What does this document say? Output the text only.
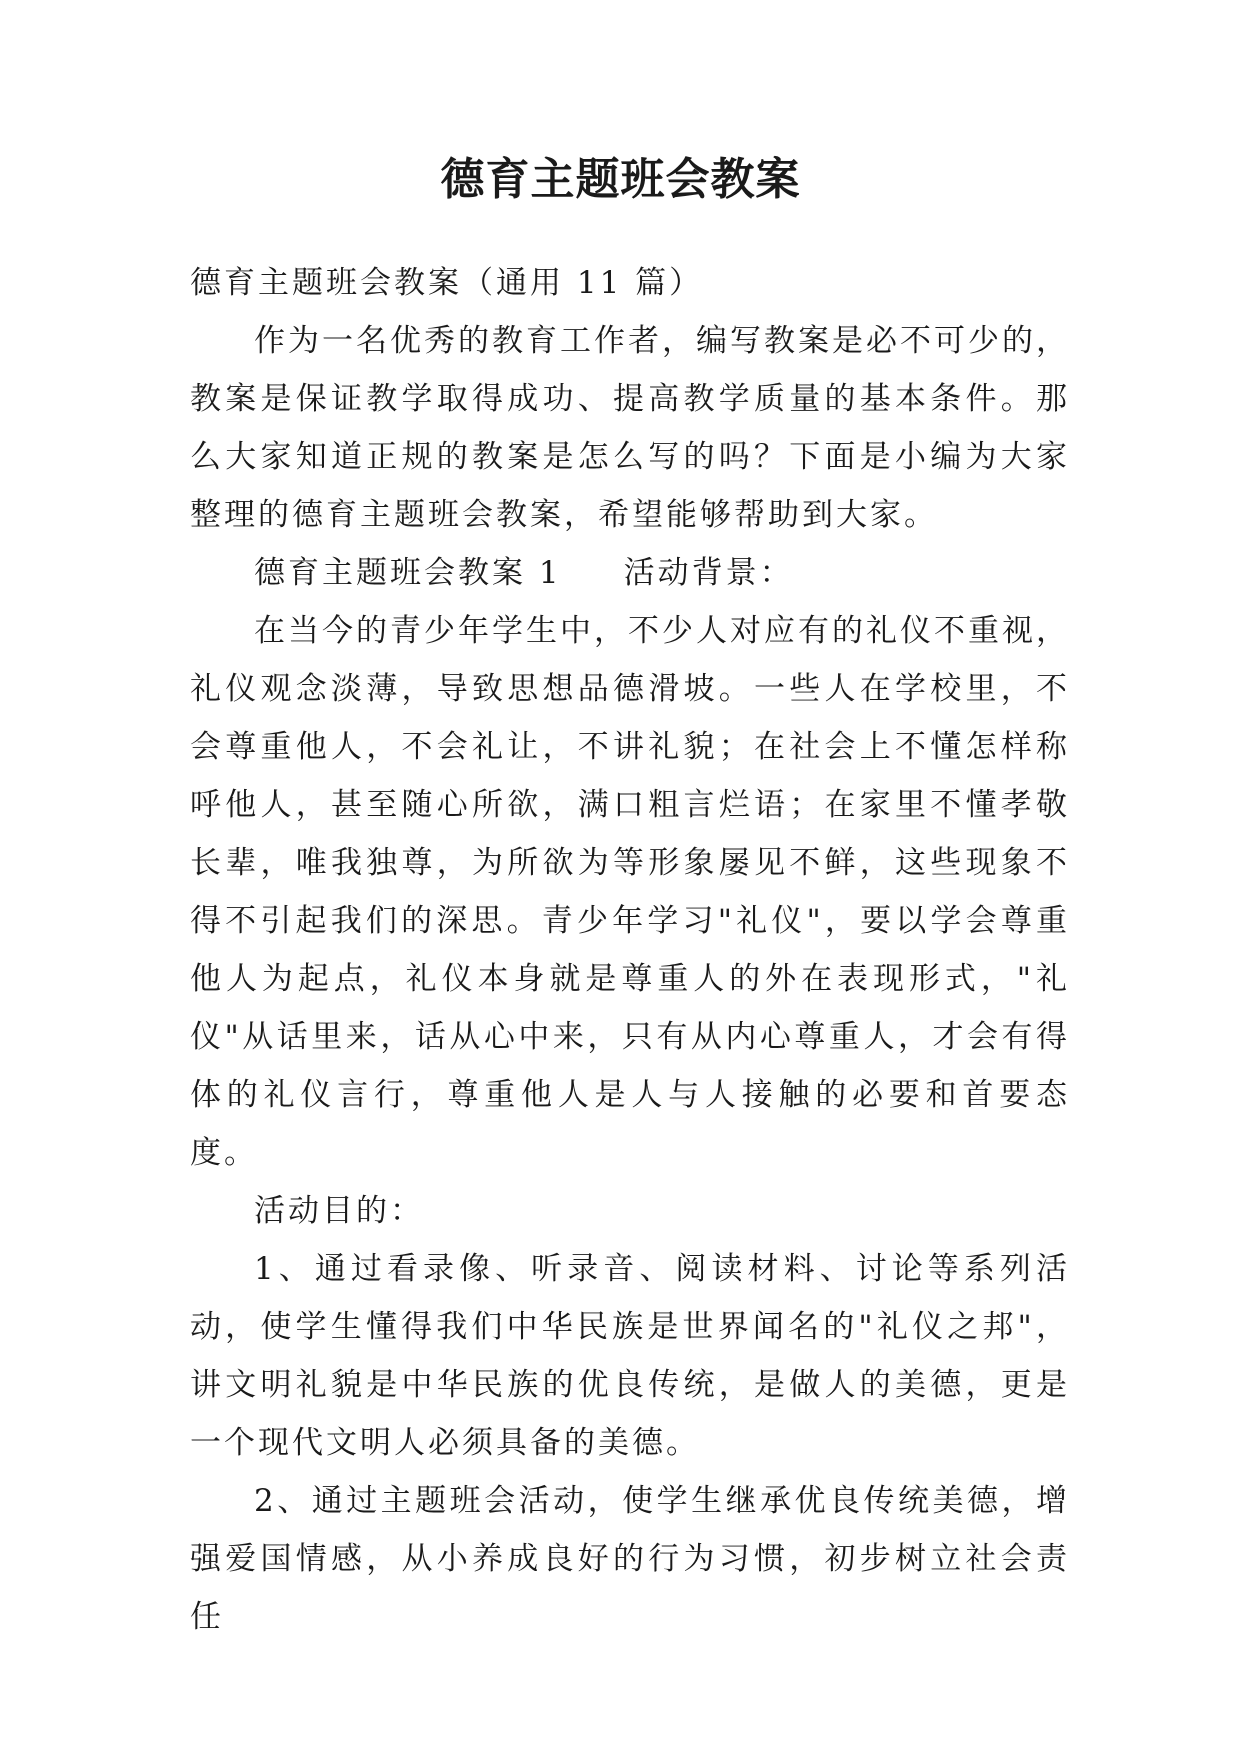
德育主题班会教案

德育主题班会教案（通用 11 篇）

作为一名优秀的教育工作者，编写教案是必不可少的，教案是保证教学取得成功、提高教学质量的基本条件。那么大家知道正规的教案是怎么写的吗？下面是小编为大家整理的德育主题班会教案，希望能够帮助到大家。

德育主题班会教案 1 活动背景：

在当今的青少年学生中，不少人对应有的礼仪不重视，礼仪观念淡薄，导致思想品德滑坡。一些人在学校里，不会尊重他人，不会礼让，不讲礼貌；在社会上不懂怎样称呼他人，甚至随心所欲，满口粗言烂语；在家里不懂孝敬长辈，唯我独尊，为所欲为等形象屡见不鲜，这些现象不得不引起我们的深思。青少年学习"礼仪"，要以学会尊重他人为起点，礼仪本身就是尊重人的外在表现形式，"礼仪"从话里来，话从心中来，只有从内心尊重人，才会有得体的礼仪言行，尊重他人是人与人接触的必要和首要态度。

活动目的：

1、通过看录像、听录音、阅读材料、讨论等系列活动，使学生懂得我们中华民族是世界闻名的"礼仪之邦"，讲文明礼貌是中华民族的优良传统，是做人的美德，更是一个现代文明人必须具备的美德。

2、通过主题班会活动，使学生继承优良传统美德，增强爱国情感，从小养成良好的行为习惯，初步树立社会责任
